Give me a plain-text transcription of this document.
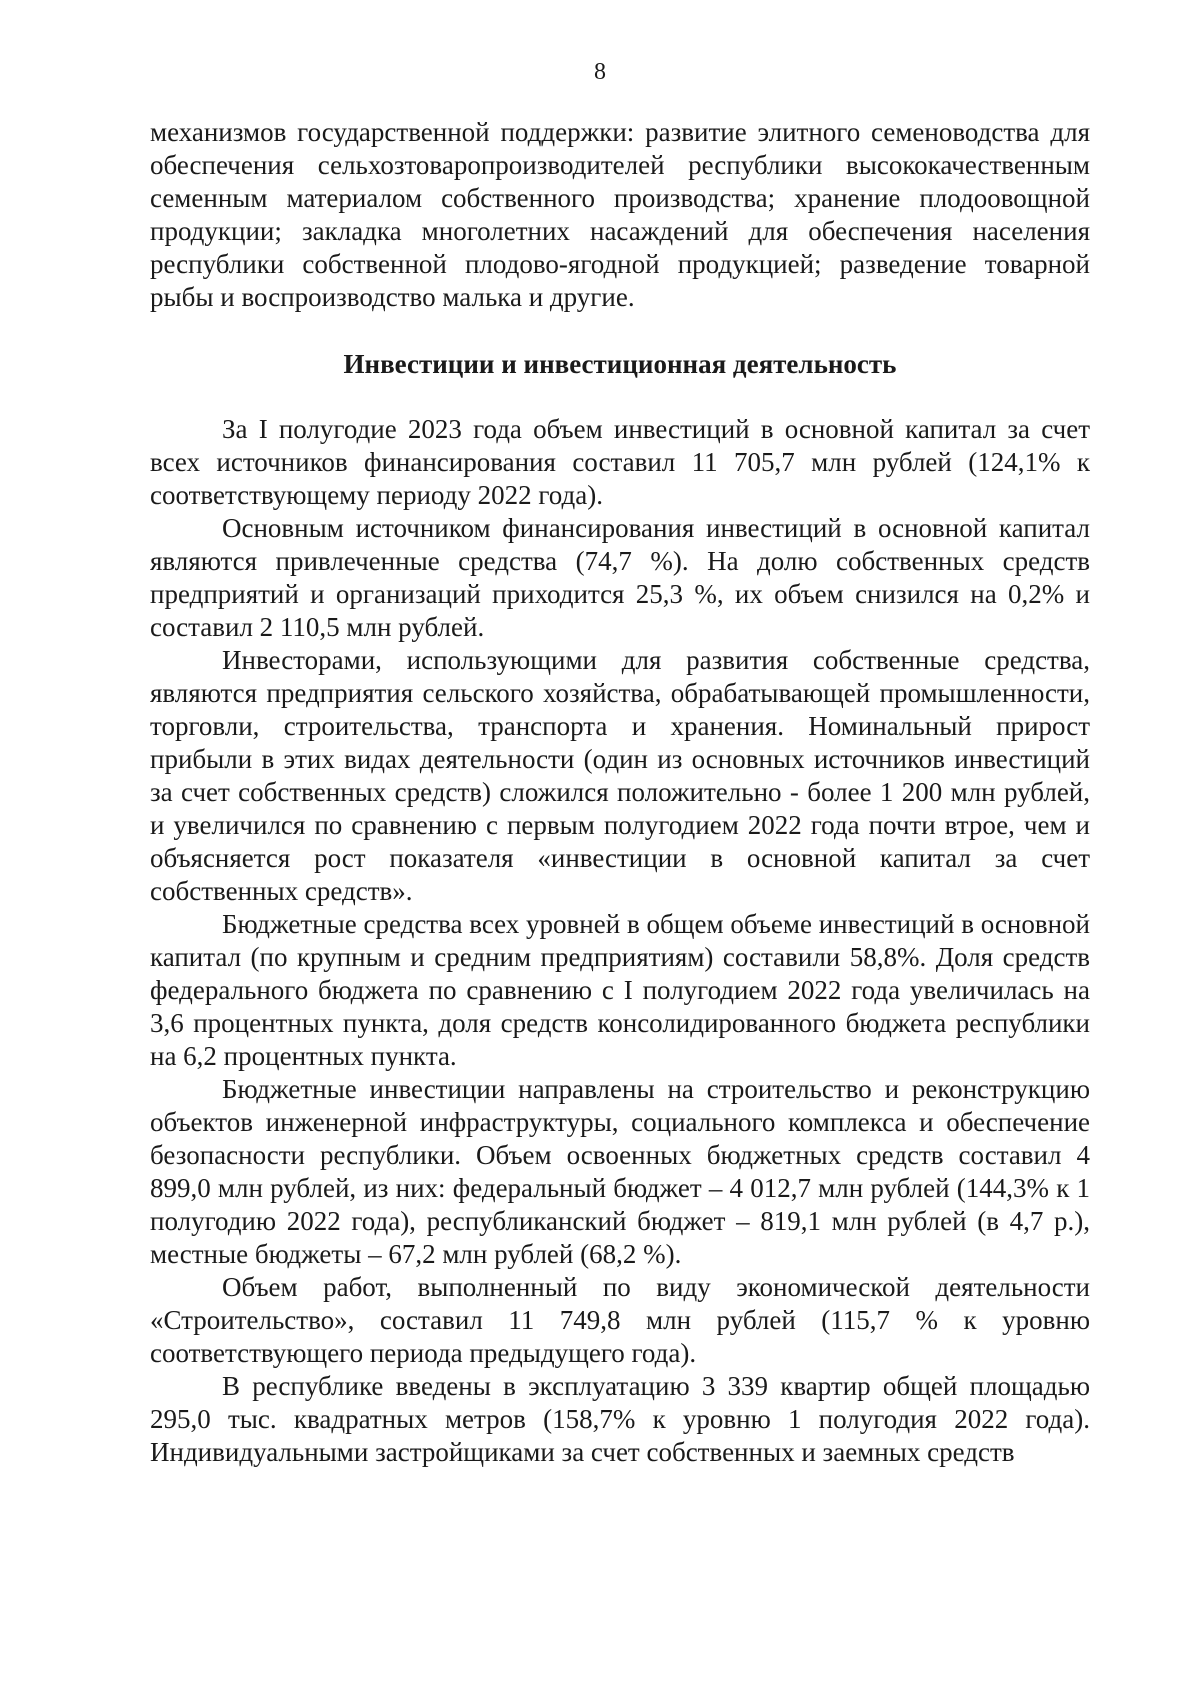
8

механизмов государственной поддержки: развитие элитного семеноводства для обеспечения сельхозтоваропроизводителей республики высококачественным семенным материалом собственного производства; хранение плодоовощной продукции; закладка многолетних насаждений для обеспечения населения республики собственной плодово-ягодной продукцией; разведение товарной рыбы и воспроизводство малька и другие.

Инвестиции и инвестиционная деятельность

За I полугодие 2023 года объем инвестиций в основной капитал за счет всех источников финансирования составил 11 705,7 млн рублей (124,1% к соответствующему периоду 2022 года).

Основным источником финансирования инвестиций в основной капитал являются привлеченные средства (74,7 %). На долю собственных средств предприятий и организаций приходится 25,3 %, их объем снизился на 0,2% и составил 2 110,5 млн рублей.

Инвесторами, использующими для развития собственные средства, являются предприятия сельского хозяйства, обрабатывающей промышленности, торговли, строительства, транспорта и хранения. Номинальный прирост прибыли в этих видах деятельности (один из основных источников инвестиций за счет собственных средств) сложился положительно - более 1 200 млн рублей, и увеличился по сравнению с первым полугодием 2022 года почти втрое, чем и объясняется рост показателя «инвестиции в основной капитал за счет собственных средств».

Бюджетные средства всех уровней в общем объеме инвестиций в основной капитал (по крупным и средним предприятиям) составили 58,8%. Доля средств федерального бюджета по сравнению с I полугодием 2022 года увеличилась на 3,6 процентных пункта, доля средств консолидированного бюджета республики на 6,2 процентных пункта.

Бюджетные инвестиции направлены на строительство и реконструкцию объектов инженерной инфраструктуры, социального комплекса и обеспечение безопасности республики. Объем освоенных бюджетных средств составил 4 899,0 млн рублей, из них: федеральный бюджет – 4 012,7 млн рублей (144,3% к 1 полугодию 2022 года), республиканский бюджет – 819,1 млн рублей (в 4,7 р.), местные бюджеты – 67,2 млн рублей (68,2 %).

Объем работ, выполненный по виду экономической деятельности «Строительство», составил 11 749,8 млн рублей (115,7 % к уровню соответствующего периода предыдущего года).

В республике введены в эксплуатацию 3 339 квартир общей площадью 295,0 тыс. квадратных метров (158,7% к уровню 1 полугодия 2022 года). Индивидуальными застройщиками за счет собственных и заемных средств
